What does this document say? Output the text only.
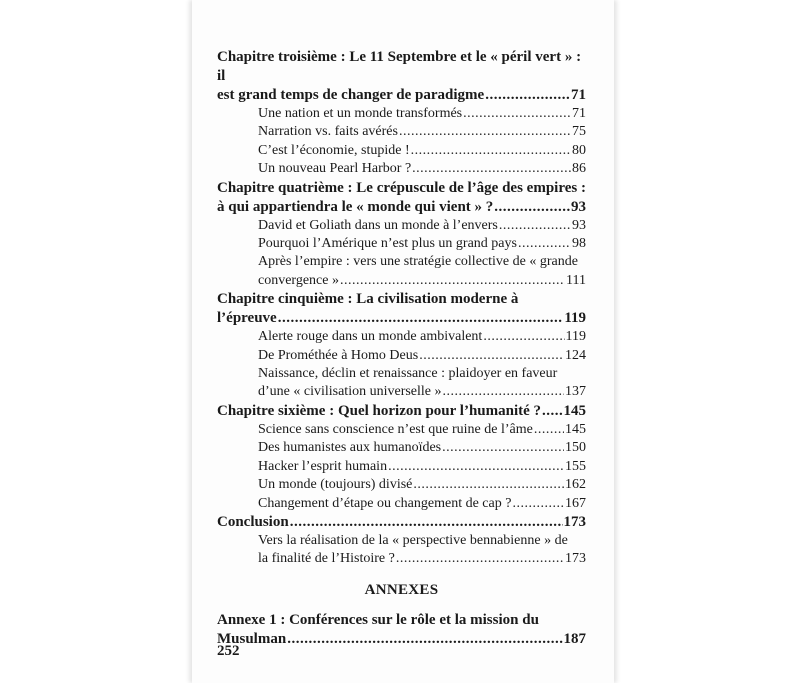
Chapitre troisième : Le 11 Septembre et le « péril vert » : il
est grand temps de changer de paradigme .....	71
Une nation et un monde transformés .....	71
Narration vs. faits avérés .....	75
C’est l’économie, stupide ! .....	80
Un nouveau Pearl Harbor ? .....	86
Chapitre quatrième : Le crépuscule de l’âge des empires :
à qui appartiendra le « monde qui vient » ? .....	93
David et Goliath dans un monde à l’envers .....	93
Pourquoi l’Amérique n’est plus un grand pays .....	98
Après l’empire : vers une stratégie collective de « grande
convergence » .....	111
Chapitre cinquième : La civilisation moderne à
l’épreuve .....	119
Alerte rouge dans un monde ambivalent .....	119
De Prométhée à Homo Deus .....	124
Naissance, déclin et renaissance : plaidoyer en faveur
d’une « civilisation universelle » .....	137
Chapitre sixième : Quel horizon pour l’humanité ? ..... 145
Science sans conscience n’est que ruine de l’âme ..... 145
Des humanistes aux humanoïdes .....	150
Hacker l’esprit humain .....	155
Un monde (toujours) divisé .....	162
Changement d’étape ou changement de cap ? .....	167
Conclusion .....	173
Vers la réalisation de la « perspective bennabienne » de
la finalité de l’Histoire ? .....	173
ANNEXES
Annexe 1 : Conférences sur le rôle et la mission du
Musulman .....	187
252
